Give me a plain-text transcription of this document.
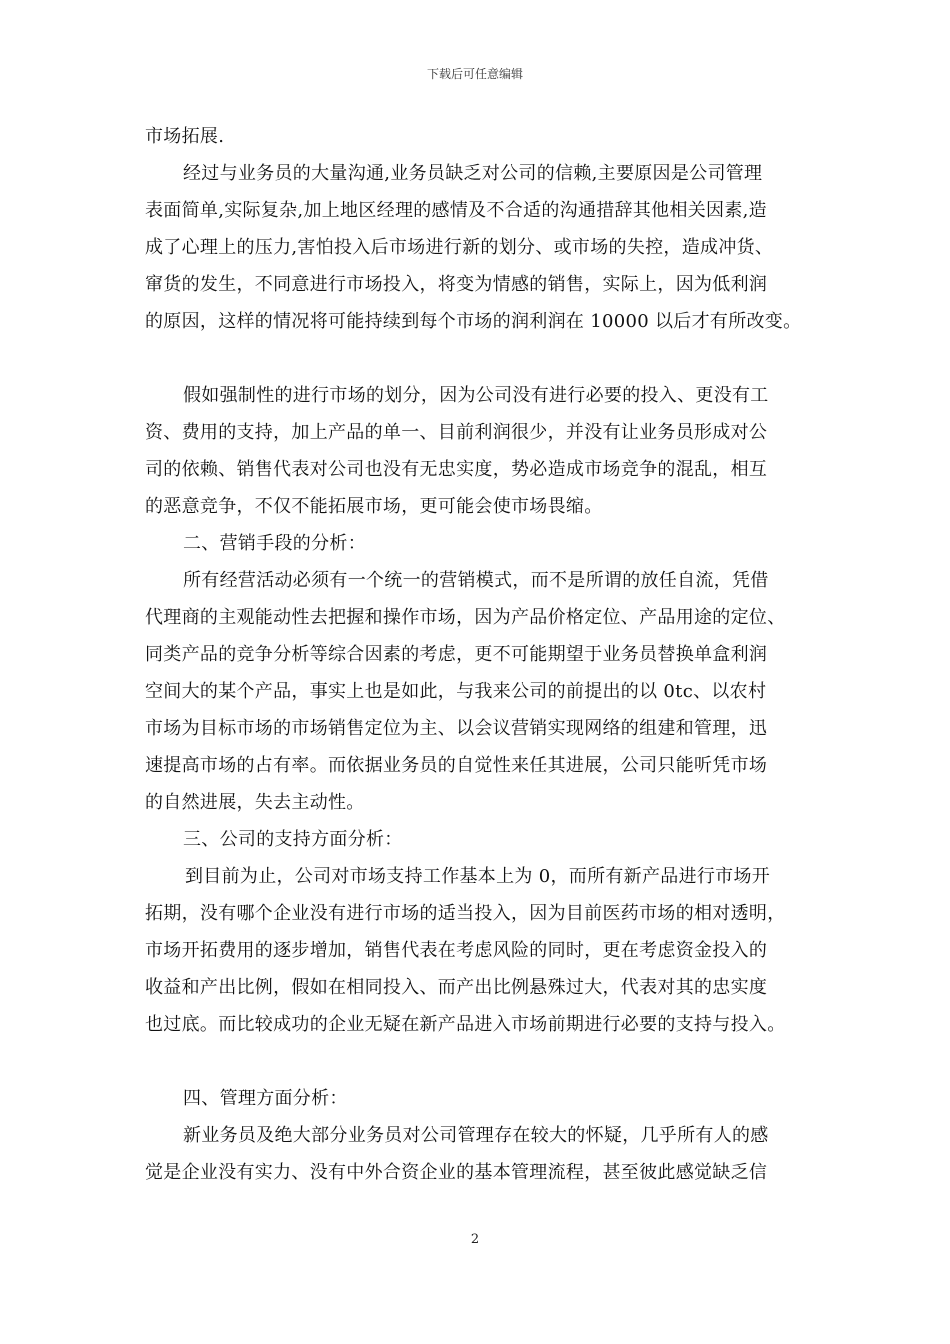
下载后可任意编辑
市场拓展.
经过与业务员的大量沟通,业务员缺乏对公司的信赖,主要原因是公司管理
表面简单,实际复杂,加上地区经理的感情及不合适的沟通措辞其他相关因素,造
成了心理上的压力,害怕投入后市场进行新的划分、或市场的失控，造成冲货、
窜货的发生，不同意进行市场投入，将变为情感的销售，实际上，因为低利润
的原因，这样的情况将可能持续到每个市场的润利润在 10000 以后才有所改变。
假如强制性的进行市场的划分，因为公司没有进行必要的投入、更没有工
资、费用的支持，加上产品的单一、目前利润很少，并没有让业务员形成对公
司的依赖、销售代表对公司也没有无忠实度，势必造成市场竞争的混乱，相互
的恶意竞争，不仅不能拓展市场，更可能会使市场畏缩。
二、营销手段的分析：
所有经营活动必须有一个统一的营销模式，而不是所谓的放任自流，凭借
代理商的主观能动性去把握和操作市场，因为产品价格定位、产品用途的定位、
同类产品的竞争分析等综合因素的考虑，更不可能期望于业务员替换单盒利润
空间大的某个产品，事实上也是如此，与我来公司的前提出的以 0tc、以农村
市场为目标市场的市场销售定位为主、以会议营销实现网络的组建和管理，迅
速提高市场的占有率。而依据业务员的自觉性来任其进展，公司只能听凭市场
的自然进展，失去主动性。
三、公司的支持方面分析：
到目前为止，公司对市场支持工作基本上为 0，而所有新产品进行市场开
拓期，没有哪个企业没有进行市场的适当投入，因为目前医药市场的相对透明，
市场开拓费用的逐步增加，销售代表在考虑风险的同时，更在考虑资金投入的
收益和产出比例，假如在相同投入、而产出比例悬殊过大，代表对其的忠实度
也过底。而比较成功的企业无疑在新产品进入市场前期进行必要的支持与投入。
四、管理方面分析：
新业务员及绝大部分业务员对公司管理存在较大的怀疑，几乎所有人的感
觉是企业没有实力、没有中外合资企业的基本管理流程，甚至彼此感觉缺乏信
2
